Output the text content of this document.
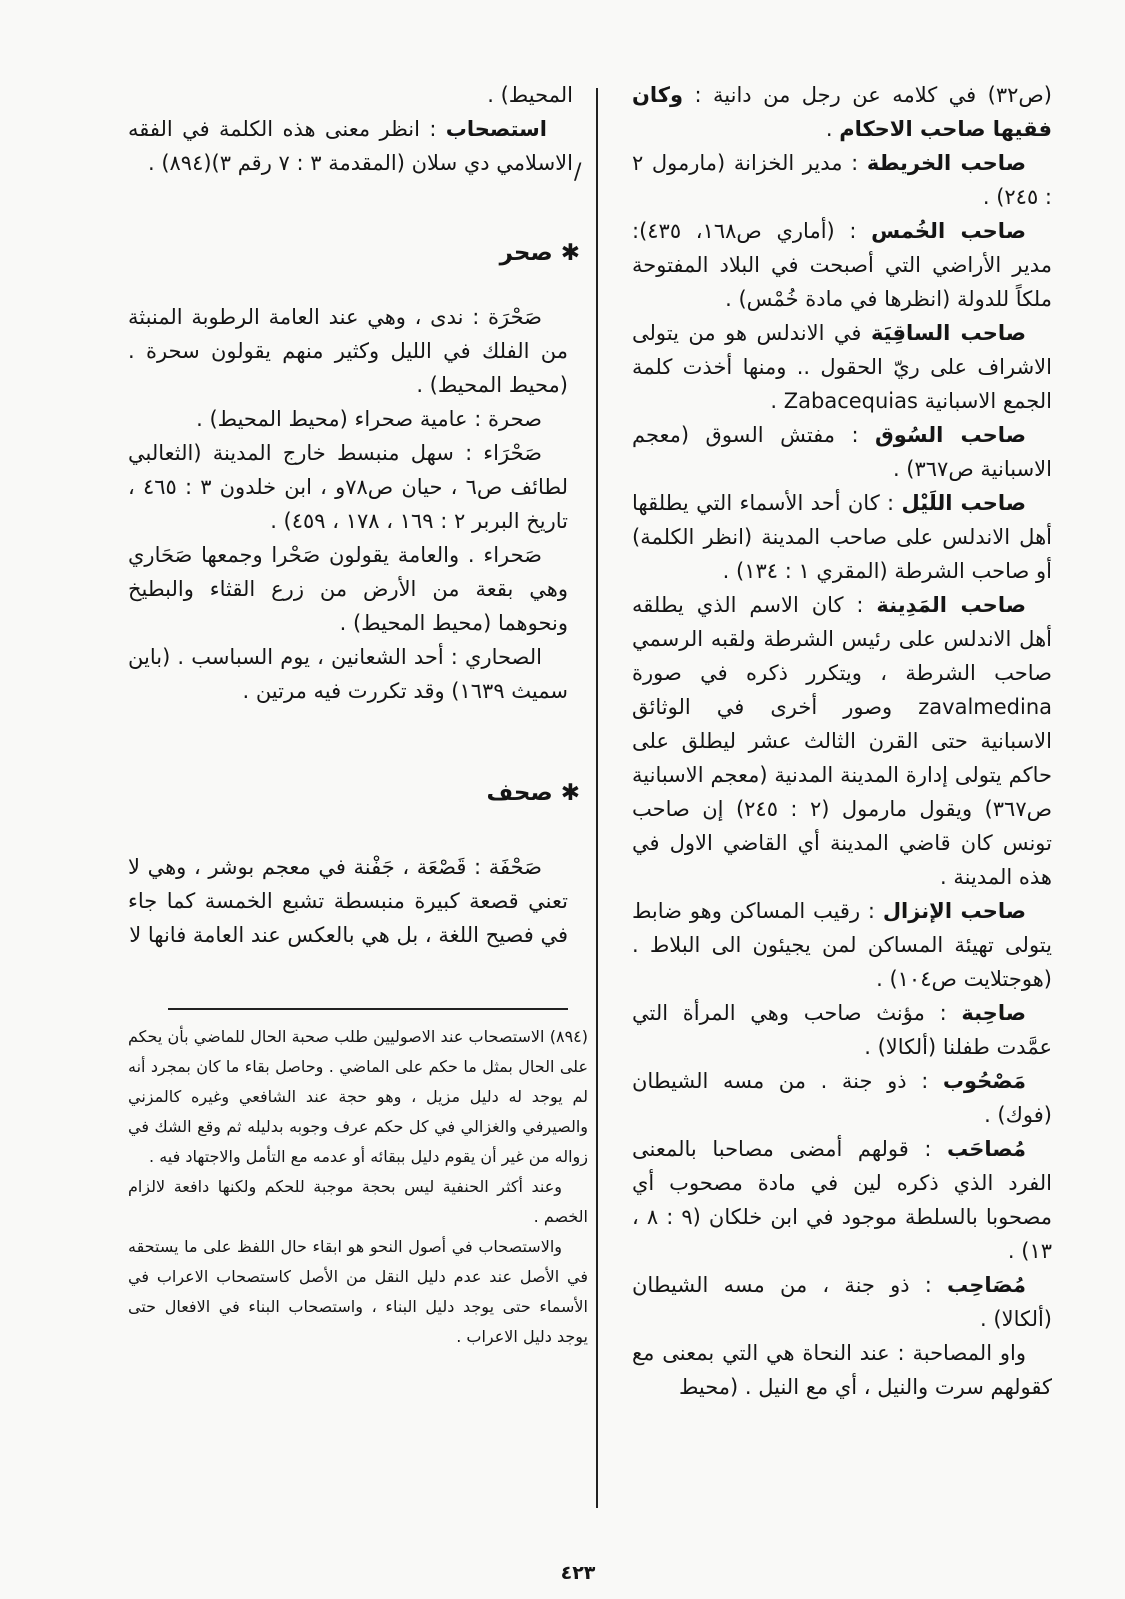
(ص٣٢) في كلامه عن رجل من دانية : وكان فقيها صاحب الاحكام .

صاحب الخريطة : مدير الخزانة (مارمول ٢ : ٢٤٥) .

صاحب الخُمس : (أماري ص١٦٨، ٤٣٥): مدير الأراضي التي أصبحت في البلاد المفتوحة ملكاً للدولة (انظرها في مادة خُمْس) .

صاحب الساقِيَة في الاندلس هو من يتولى الاشراف على ريّ الحقول .. ومنها أخذت كلمة الجمع الاسبانية Zabacequias .

صاحب السُوق : مفتش السوق (معجم الاسبانية ص٣٦٧) .

صاحب اللَيْل : كان أحد الأسماء التي يطلقها أهل الاندلس على صاحب المدينة (انظر الكلمة) أو صاحب الشرطة (المقري ١ : ١٣٤) .

صاحب المَدِينة : كان الاسم الذي يطلقه أهل الاندلس على رئيس الشرطة ولقبه الرسمي صاحب الشرطة ، ويتكرر ذكره في صورة zavalmedina وصور أخرى في الوثائق الاسبانية حتى القرن الثالث عشر ليطلق على حاكم يتولى إدارة المدينة المدنية (معجم الاسبانية ص٣٦٧) ويقول مارمول (٢ : ٢٤٥) إن صاحب تونس كان قاضي المدينة أي القاضي الاول في هذه المدينة .

صاحب الإنزال : رقيب المساكن وهو ضابط يتولى تهيئة المساكن لمن يجيئون الى البلاط . (هوجتلايت ص١٠٤) .

صاحِبة : مؤنث صاحب وهي المرأة التي عمَّدت طفلنا (ألكالا) .

مَصْحُوب : ذو جنة . من مسه الشيطان (فوك) .

مُصاحَب : قولهم أمضى مصاحبا بالمعنى الفرد الذي ذكره لين في مادة مصحوب أي مصحوبا بالسلطة موجود في ابن خلكان (٩ : ٨ ، ١٣) .

مُصَاحِب : ذو جنة ، من مسه الشيطان (ألكالا) .

واو المصاحبة : عند النحاة هي التي بمعنى مع كقولهم سرت والنيل ، أي مع النيل . (محيط

المحيط) .

استصحاب : انظر معنى هذه الكلمة في الفقه الاسلامي دي سلان (المقدمة ٣ : ٧ رقم ٣)(٨٩٤) . /
✱ صحر

صَحْرَة : ندى ، وهي عند العامة الرطوبة المنبثة من الفلك في الليل وكثير منهم يقولون سحرة . (محيط المحيط) .

صحرة : عامية صحراء (محيط المحيط) .

صَحْرَاء : سهل منبسط خارج المدينة (الثعالبي لطائف ص٦ ، حيان ص٧٨و ، ابن خلدون ٣ : ٤٦٥ ، تاريخ البربر ٢ : ١٦٩ ، ١٧٨ ، ٤٥٩) .

صَحراء . والعامة يقولون صَحْرا وجمعها صَحَاري وهي بقعة من الأرض من زرع القثاء والبطيخ ونحوهما (محيط المحيط) .

الصحاري : أحد الشعانين ، يوم السباسب . (باين سميث ١٦٣٩) وقد تكررت فيه مرتين .

✱ صحف

صَحْفَة : قَصْعَة ، جَفْنة في معجم بوشر ، وهي لا تعني قصعة كبيرة منبسطة تشبع الخمسة كما جاء في فصيح اللغة ، بل هي بالعكس عند العامة فانها لا

(٨٩٤) الاستصحاب عند الاصوليين طلب صحبة الحال للماضي بأن يحكم على الحال بمثل ما حكم على الماضي . وحاصل بقاء ما كان بمجرد أنه لم يوجد له دليل مزيل ، وهو حجة عند الشافعي وغيره كالمزني والصيرفي والغزالي في كل حكم عرف وجوبه بدليله ثم وقع الشك في زواله من غير أن يقوم دليل ببقائه أو عدمه مع التأمل والاجتهاد فيه .

وعند أكثر الحنفية ليس بحجة موجبة للحكم ولكنها دافعة لالزام الخصم .

والاستصحاب في أصول النحو هو ابقاء حال اللفظ على ما يستحقه في الأصل عند عدم دليل النقل من الأصل كاستصحاب الاعراب في الأسماء حتى يوجد دليل البناء ، واستصحاب البناء في الافعال حتى يوجد دليل الاعراب .

٤٢٣
